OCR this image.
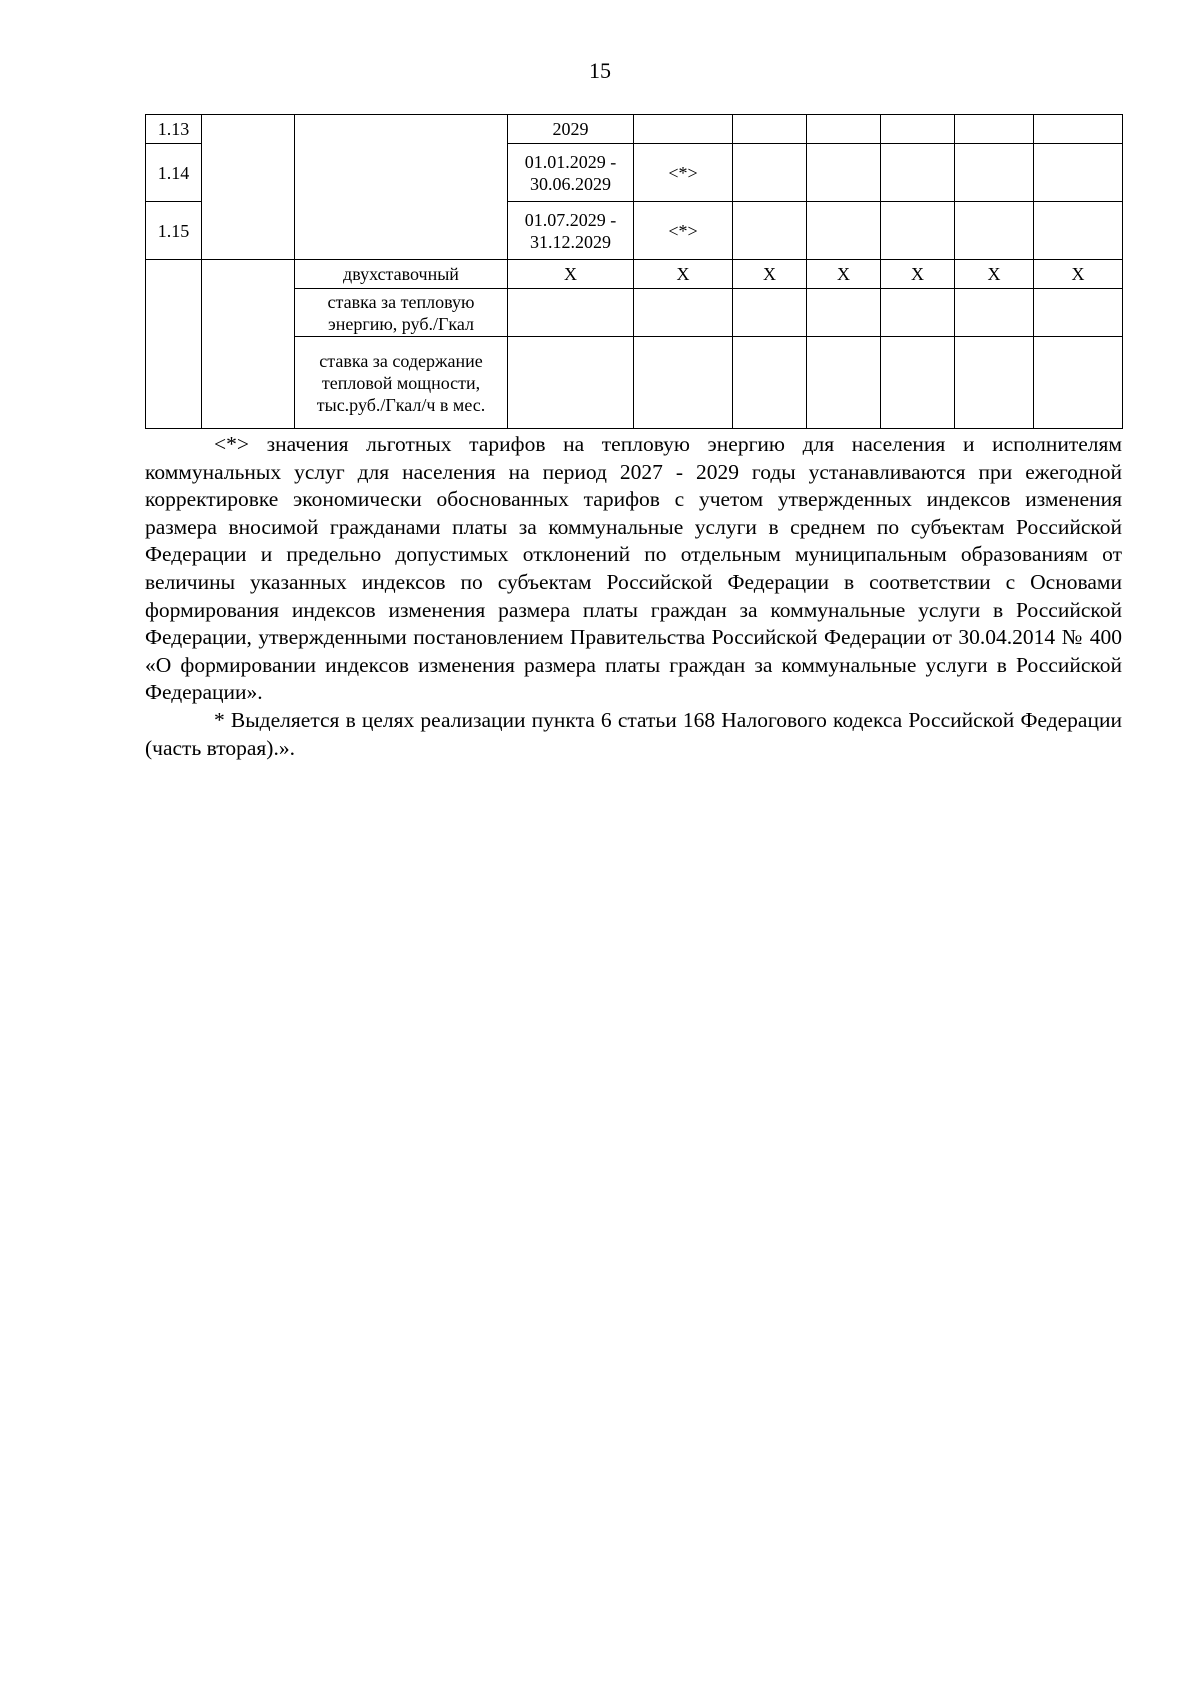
15
1.13			2029						
1.14			01.01.2029 - 30.06.2029	<*>					
1.15			01.07.2029 - 31.12.2029	<*>					
		двухставочный	Х	Х	Х	Х	Х	Х	Х
		ставка за тепловую энергию, руб./Гкал							
		ставка за содержание тепловой мощности, тыс.руб./Гкал/ч в мес.							

<*> значения льготных тарифов на тепловую энергию для населения и исполнителям коммунальных услуг для населения на период 2027 - 2029 годы устанавливаются при ежегодной корректировке экономически обоснованных тарифов с учетом утвержденных индексов изменения размера вносимой гражданами платы за коммунальные услуги в среднем по субъектам Российской Федерации и предельно допустимых отклонений по отдельным муниципальным образованиям от величины указанных индексов по субъектам Российской Федерации в соответствии с Основами формирования индексов изменения размера платы граждан за коммунальные услуги в Российской Федерации, утвержденными постановлением Правительства Российской Федерации от 30.04.2014 № 400 «О формировании индексов изменения размера платы граждан за коммунальные услуги в Российской Федерации».

* Выделяется в целях реализации пункта 6 статьи 168 Налогового кодекса Российской Федерации (часть вторая).».
